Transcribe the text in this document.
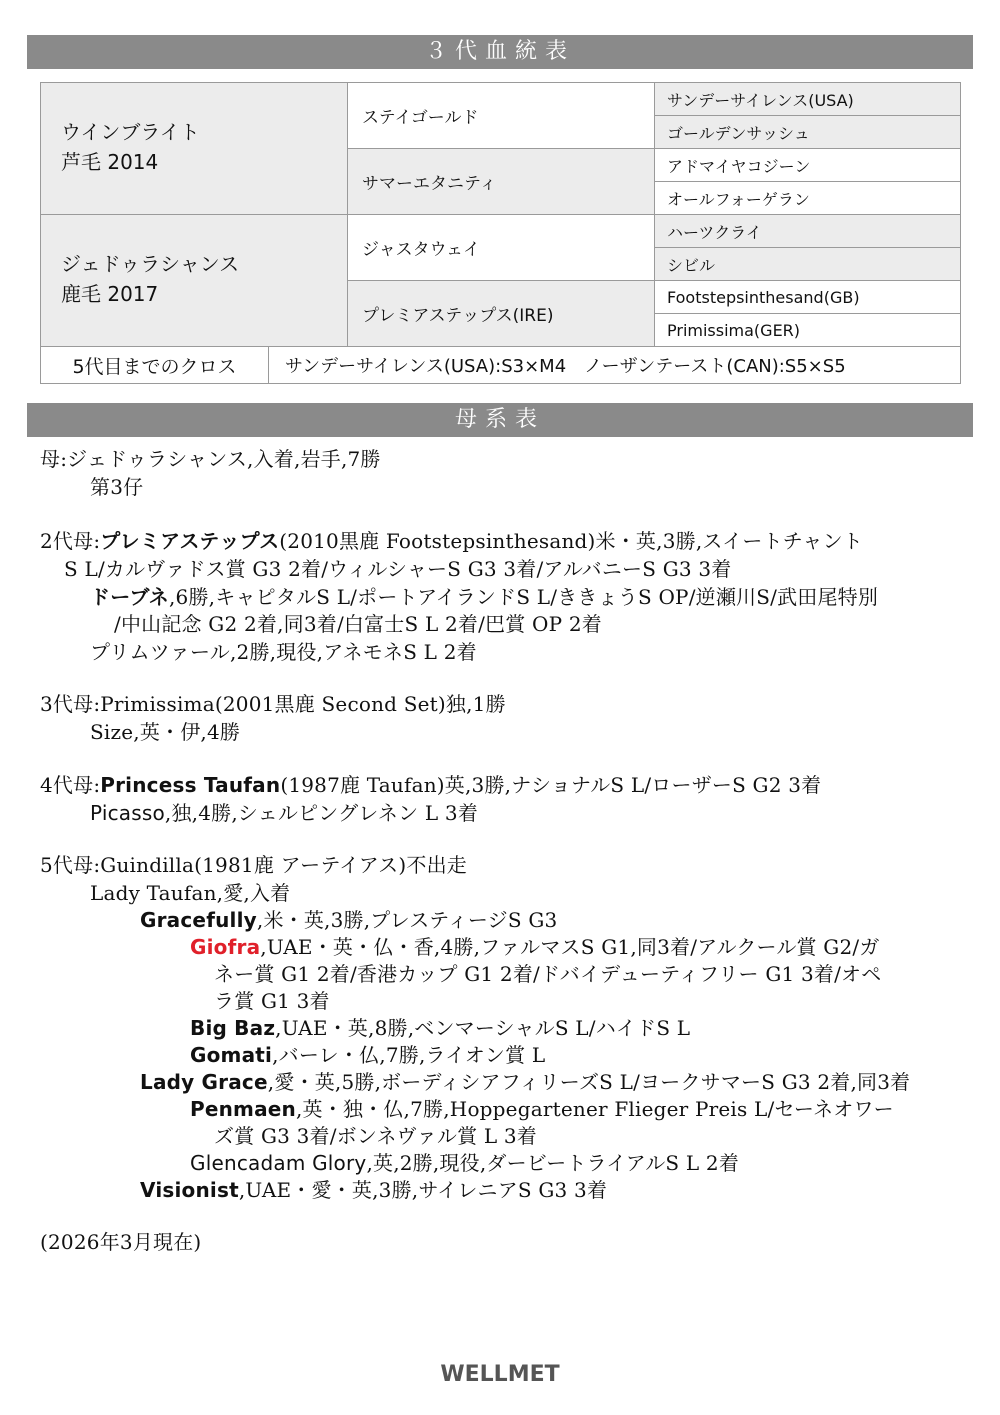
３代血統表
ウインブライト
芦毛 2014		ステイゴールド	サンデーサイレンス(USA)
			ゴールデンサッシュ
		サマーエタニティ	アドマイヤコジーン
			オールフォーゲラン

ジェドゥラシャンス
鹿毛 2017		ジャスタウェイ	ハーツクライ
			シビル
		プレミアステップス(IRE)	Footstepsinthesand(GB)
			Primissima(GER)
5代目までのクロス	サンデーサイレンス(USA):S3×M4　ノーザンテースト(CAN):S5×S5		
母系表
母:ジェドゥラシャンス,入着,岩手,7勝
第3仔
2代母:プレミアステップス(2010黒鹿 Footstepsinthesand)米・英,3勝,スイートチャント
S L/カルヴァドス賞 G3 2着/ウィルシャーS G3 3着/アルバニーS G3 3着
ドーブネ,6勝,キャピタルS L/ポートアイランドS L/ききょうS OP/逆瀬川S/武田尾特別
/中山記念 G2 2着,同3着/白富士S L 2着/巴賞 OP 2着
プリムツァール,2勝,現役,アネモネS L 2着
3代母:Primissima(2001黒鹿 Second Set)独,1勝
Size,英・伊,4勝
4代母:Princess Taufan(1987鹿 Taufan)英,3勝,ナショナルS L/ローザーS G2 3着
Picasso,独,4勝,シェルピングレネン L 3着
5代母:Guindilla(1981鹿 アーテイアス)不出走
Lady Taufan,愛,入着
Gracefully,米・英,3勝,プレスティージS G3
Giofra,UAE・英・仏・香,4勝,ファルマスS G1,同3着/アルクール賞 G2/ガ
ネー賞 G1 2着/香港カップ G1 2着/ドバイデューティフリー G1 3着/オペ
ラ賞 G1 3着
Big Baz,UAE・英,8勝,ベンマーシャルS L/ハイドS L
Gomati,バーレ・仏,7勝,ライオン賞 L
Lady Grace,愛・英,5勝,ボーディシアフィリーズS L/ヨークサマーS G3 2着,同3着
Penmaen,英・独・仏,7勝,Hoppegartener Flieger Preis L/セーネオワー
ズ賞 G3 3着/ボンネヴァル賞 L 3着
Glencadam Glory,英,2勝,現役,ダービートライアルS L 2着
Visionist,UAE・愛・英,3勝,サイレニアS G3 3着
(2026年3月現在)
WELLMET
